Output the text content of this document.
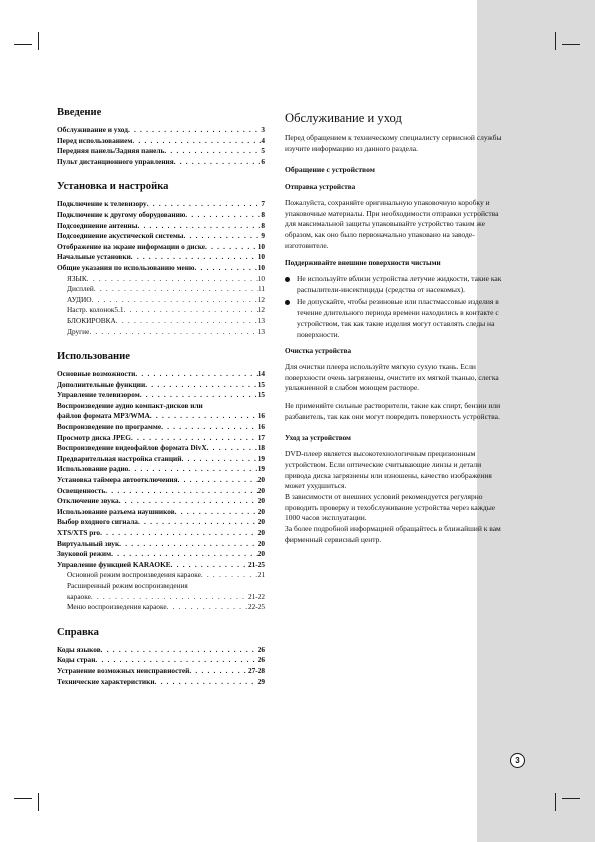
Введение
Обслуживание и уход . . .	3
Перед использованием . . .	4
Передняя панель/Задняя панель . . .	5
Пульт дистанционного управления . . .	6
Установка и настройка
Подключение к телевизору . . .	7
Подключение к другому оборудованию . . .	8
Подсоединение антенны . . .	8
Подсоединение акустической системы . . .	9
Отображение на экране информации о диске . . .	10
Начальные установки . . .	10
Общие указания по использованию меню . . .	10
ЯЗЫК . . .	10
Дисплей . . .	11
АУДИО . . .	12
Настр. колонок5.1 . . .	12
БЛОКИРОВКА . . .	13
Другие . . .	13
Использование
Основные возможности . . .	14
Дополнительные функции . . .	15
Управление телевизором . . .	15
Воспроизведение аудио компакт-дисков или
файлов формата MP3/WMA . . .	16
Воспроизведение по программе . . .	16
Просмотр диска JPEG . . .	17
Воспроизведение видеофайлов формата DivX . . .	18
Предварительная настройка станций . . .	19
Использование радио . . .	19
Установка таймера автоотключения . . .	20
Освещенность . . .	20
Отключение звука . . .	20
Использование разъема наушников . . .	20
Выбор входного сигнала . . .	20
XTS/XTS pro . . .	20
Виртуальный звук . . .	20
Звуковой режим . . .	20
Управление функцией KARAOKE . . .	21-25
Основной режим воспроизведения караоке . . .	21
Расширенный режим воспроизведения
караоке . . .	21-22
Меню воспроизведения караоке . . .	22-25
Справка
Коды языков . . .	26
Коды стран . . .	26
Устранение возможных неисправностей . . .	27-28
Технические характеристики . . .	29
Обслуживание и уход

Перед обращением к техническому специалисту сервисной службы изучите информацию из данного раздела.

Обращение с устройством
Отправка устройства

Пожалуйста, сохраняйте оригинальную упаковочную коробку и упаковочные материалы. При необходимости отправки устройства для максимальной защиты упаковывайте устройство таким же образом, как оно было первоначально упаковано на заводе-изготовителе.

Поддерживайте внешние поверхности чистыми
Не используйте вблизи устройства летучие жидкости, такие как распылители-инсектициды (средства от насекомых).
Не допускайте, чтобы резиновые или пластмассовые изделия в течение длительного периода времени находились в контакте с устройством, так как такие изделия могут оставлять следы на поверхности.
Очистка устройства

Для очистки плеера используйте мягкую сухую ткань. Если поверхности очень загрязнены, очистите их мягкой тканью, слегка увлажненной в слабом моющем растворе.

Не применяйте сильные растворители, такие как спирт, бензин или разбавитель, так как они могут повредить поверхность устройства.

Уход за устройством

DVD-плеер является высокотехнологичным прецизионным устройством. Если оптические считывающие линзы и детали привода диска загрязнены или изношены, качество изображения может ухудшиться.
В зависимости от внешних условий рекомендуется регулярно проводить проверку и техобслуживание устройства через каждые 1000 часов эксплуатации.
За более подробной информацией обращайтесь в ближайший к вам фирменный сервисный центр.

3
